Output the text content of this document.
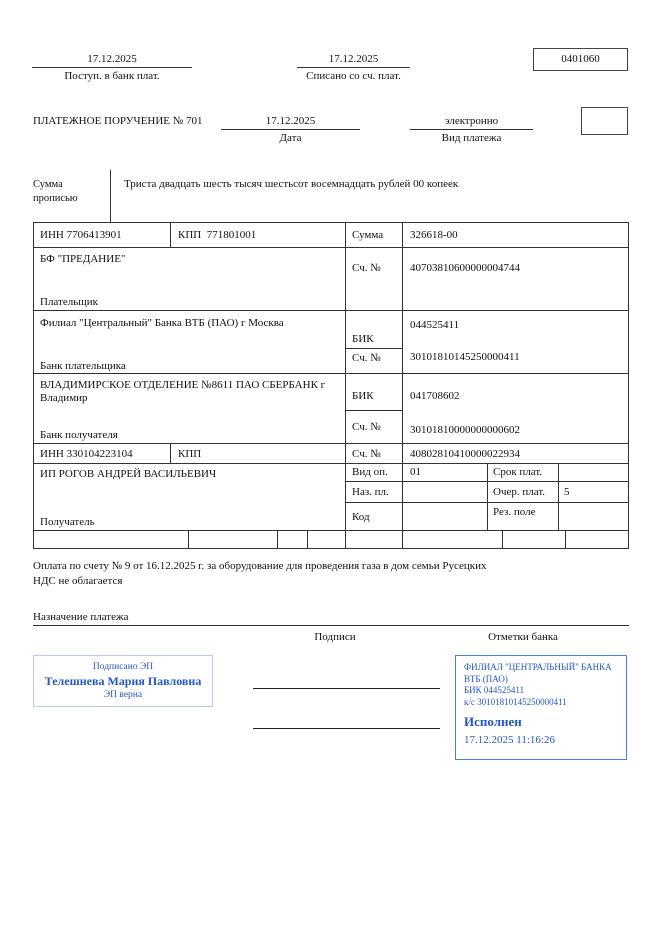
17.12.2025
Поступ. в банк плат.
17.12.2025
Списано со сч. плат.
0401060
ПЛАТЕЖНОЕ ПОРУЧЕНИЕ № 701	17.12.2025
Дата
электронно
Вид платежа
Сумма
прописью
Триста двадцать шесть тысяч шестьсот восемнадцать рублей 00 копеек
ИНН 7706413901	КПП  771801001	Сумма 326618-00
БФ "ПРЕДАНИЕ"
Плательщик
Сч. №	40703810600000004744
Филиал "Центральный" Банка ВТБ (ПАО) г Москва	044525411
БИК
Сч. №	30101810145250000411
Банк плательщика
ВЛАДИМИРСКОЕ ОТДЕЛЕНИЕ №8611 ПАО СБЕРБАНК г Владимир	БИК	041708602
Сч. №	30101810000000000602
Банк получателя
ИНН 330104223104	КПП	Сч. №	40802810410000022934
ИП РОГОВ АНДРЕЙ ВАСИЛЬЕВИЧ	Вид оп. 01	Срок плат.
Наз. пл.	Очер. плат. 5
Код	Рез. поле
Получатель
Оплата по счету № 9 от 16.12.2025 г. за оборудование для проведения газа в дом семьи Русецких
НДС не облагается
Назначение платежа
Подписи	Отметки банка
Подписано ЭП
Телешнева Мария Павловна
ЭП верна
ФИЛИАЛ "ЦЕНТРАЛЬНЫЙ" БАНКА ВТБ (ПАО)
БИК 044525411
к/с 30101810145250000411
Исполнен
17.12.2025 11:16:26
